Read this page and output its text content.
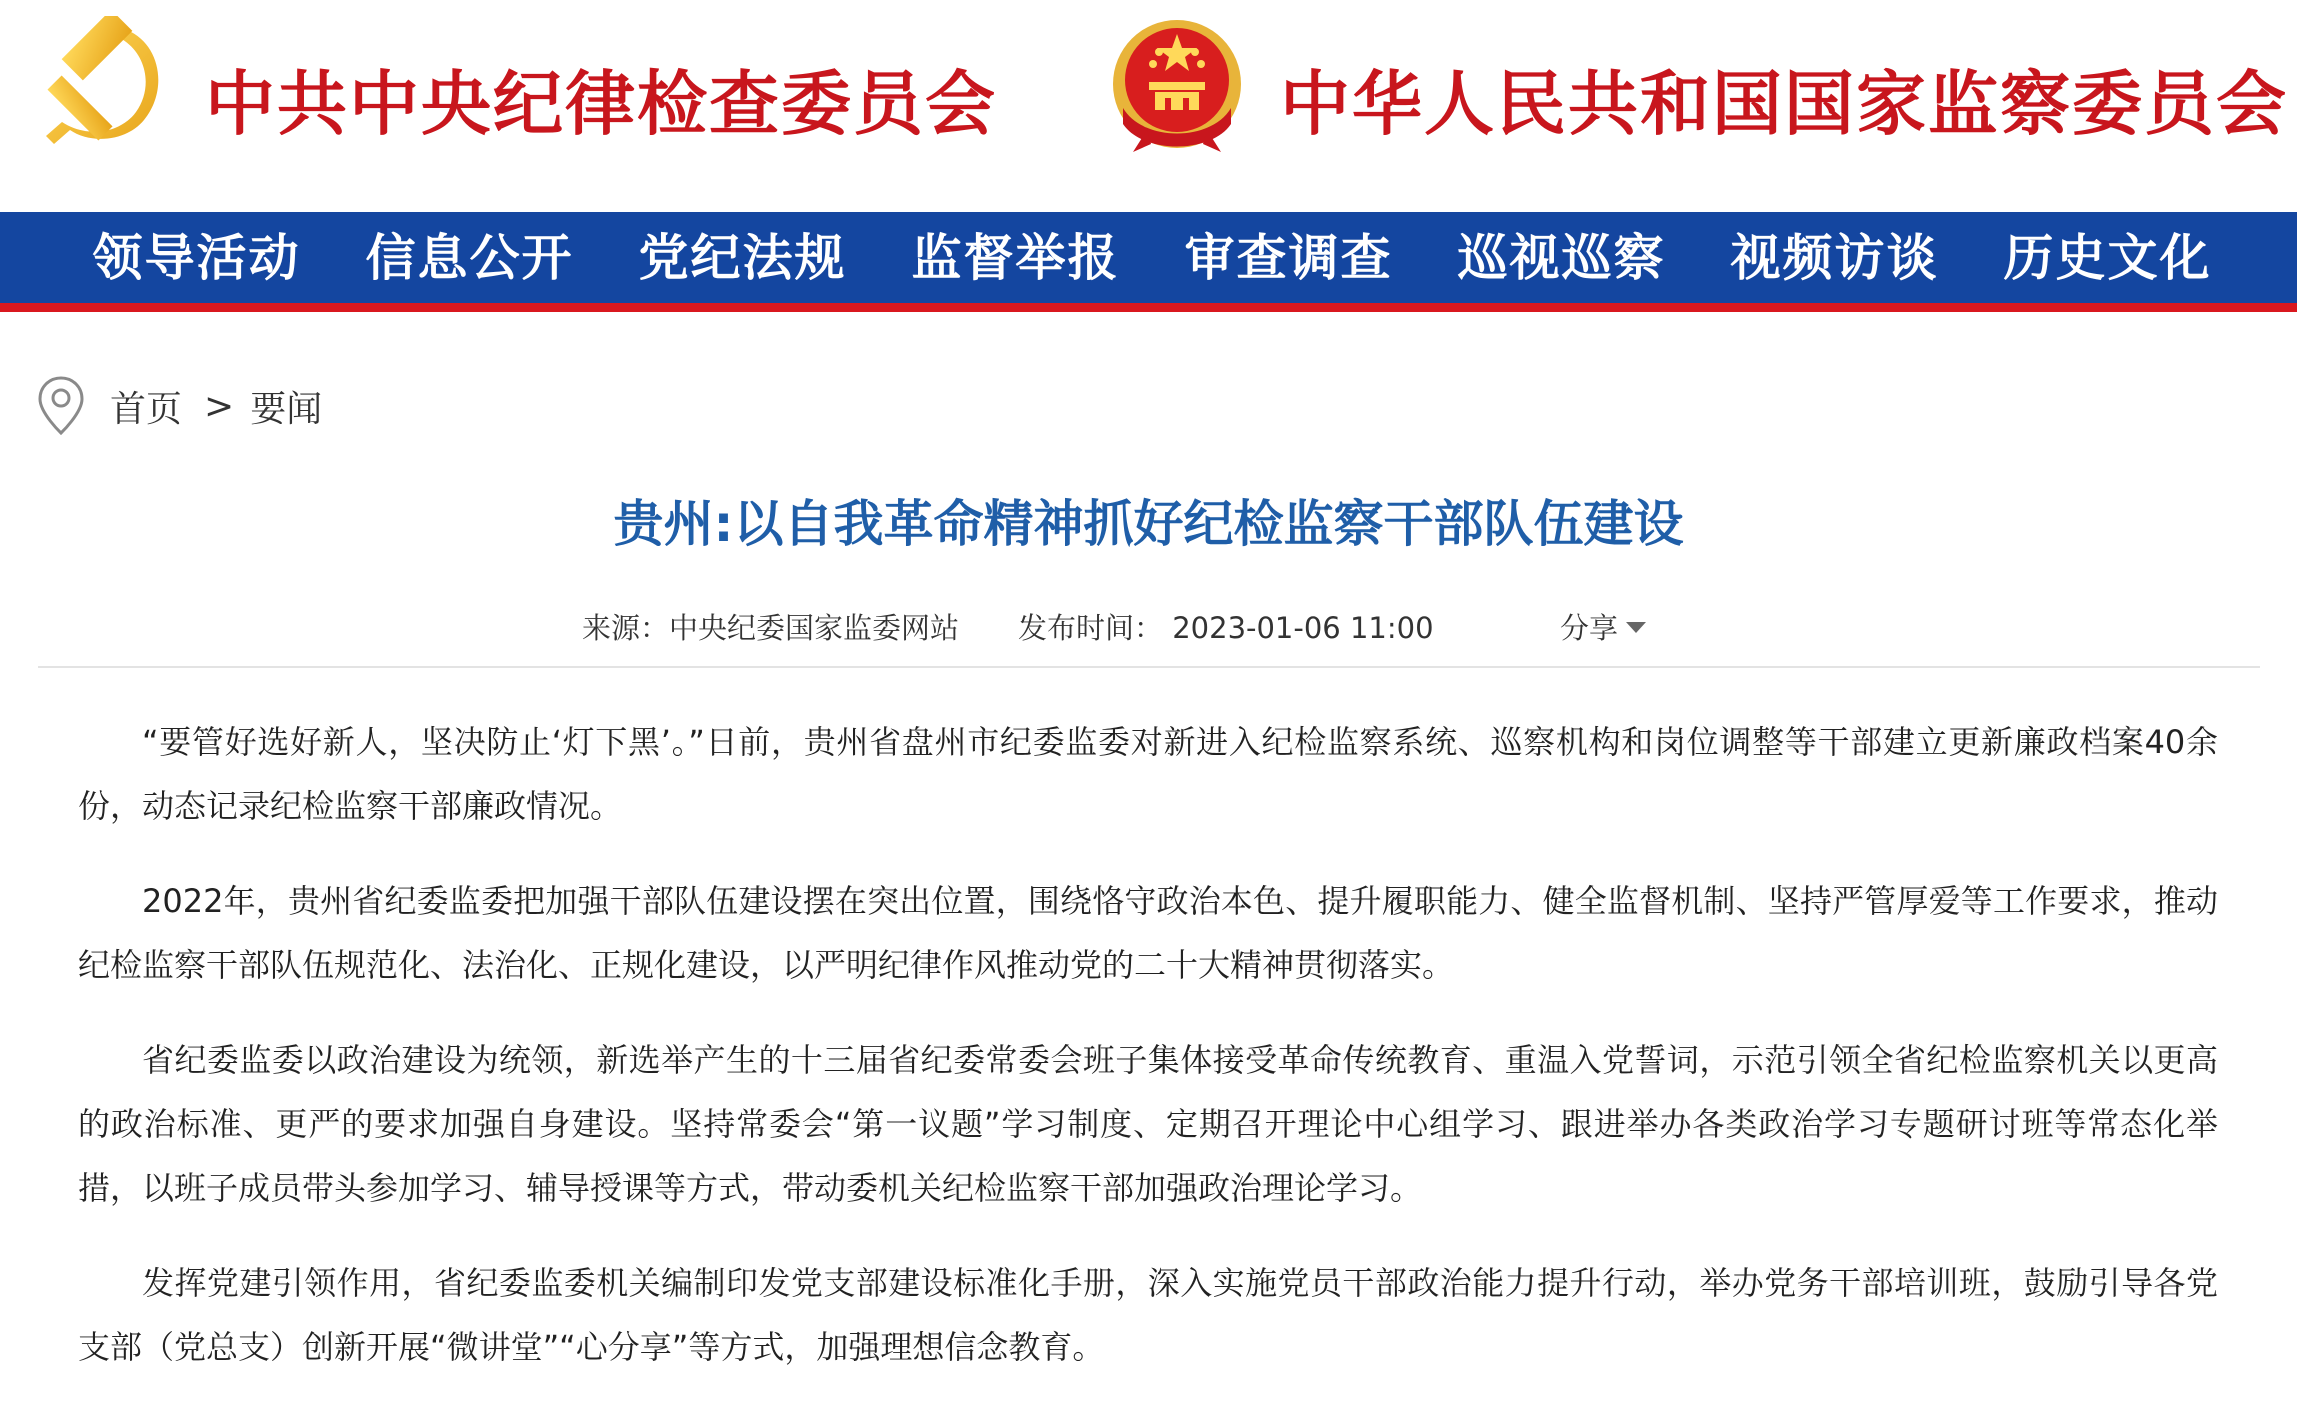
中共中央纪律检查委员会	中华人民共和国国家监察委员会
领导活动	信息公开	党纪法规	监督举报	审查调查	巡视巡察	视频访谈	历史文化
首页 > 要闻
贵州:以自我革命精神抓好纪检监察干部队伍建设
来源：中央纪委国家监委网站 发布时间： 2023-01-06 11:00	分享

“要管好选好新人，坚决防止‘灯下黑’。”日前，贵州省盘州市纪委监委对新进入纪检监察系统、巡察机构和岗位调整等干部建立更新廉政档案40余份，动态记录纪检监察干部廉政情况。

2022年，贵州省纪委监委把加强干部队伍建设摆在突出位置，围绕恪守政治本色、提升履职能力、健全监督机制、坚持严管厚爱等工作要求，推动纪检监察干部队伍规范化、法治化、正规化建设，以严明纪律作风推动党的二十大精神贯彻落实。

省纪委监委以政治建设为统领，新选举产生的十三届省纪委常委会班子集体接受革命传统教育、重温入党誓词，示范引领全省纪检监察机关以更高的政治标准、更严的要求加强自身建设。坚持常委会“第一议题”学习制度、定期召开理论中心组学习、跟进举办各类政治学习专题研讨班等常态化举措，以班子成员带头参加学习、辅导授课等方式，带动委机关纪检监察干部加强政治理论学习。

发挥党建引领作用，省纪委监委机关编制印发党支部建设标准化手册，深入实施党员干部政治能力提升行动，举办党务干部培训班，鼓励引导各党支部（党总支）创新开展“微讲堂”“心分享”等方式，加强理想信念教育。
